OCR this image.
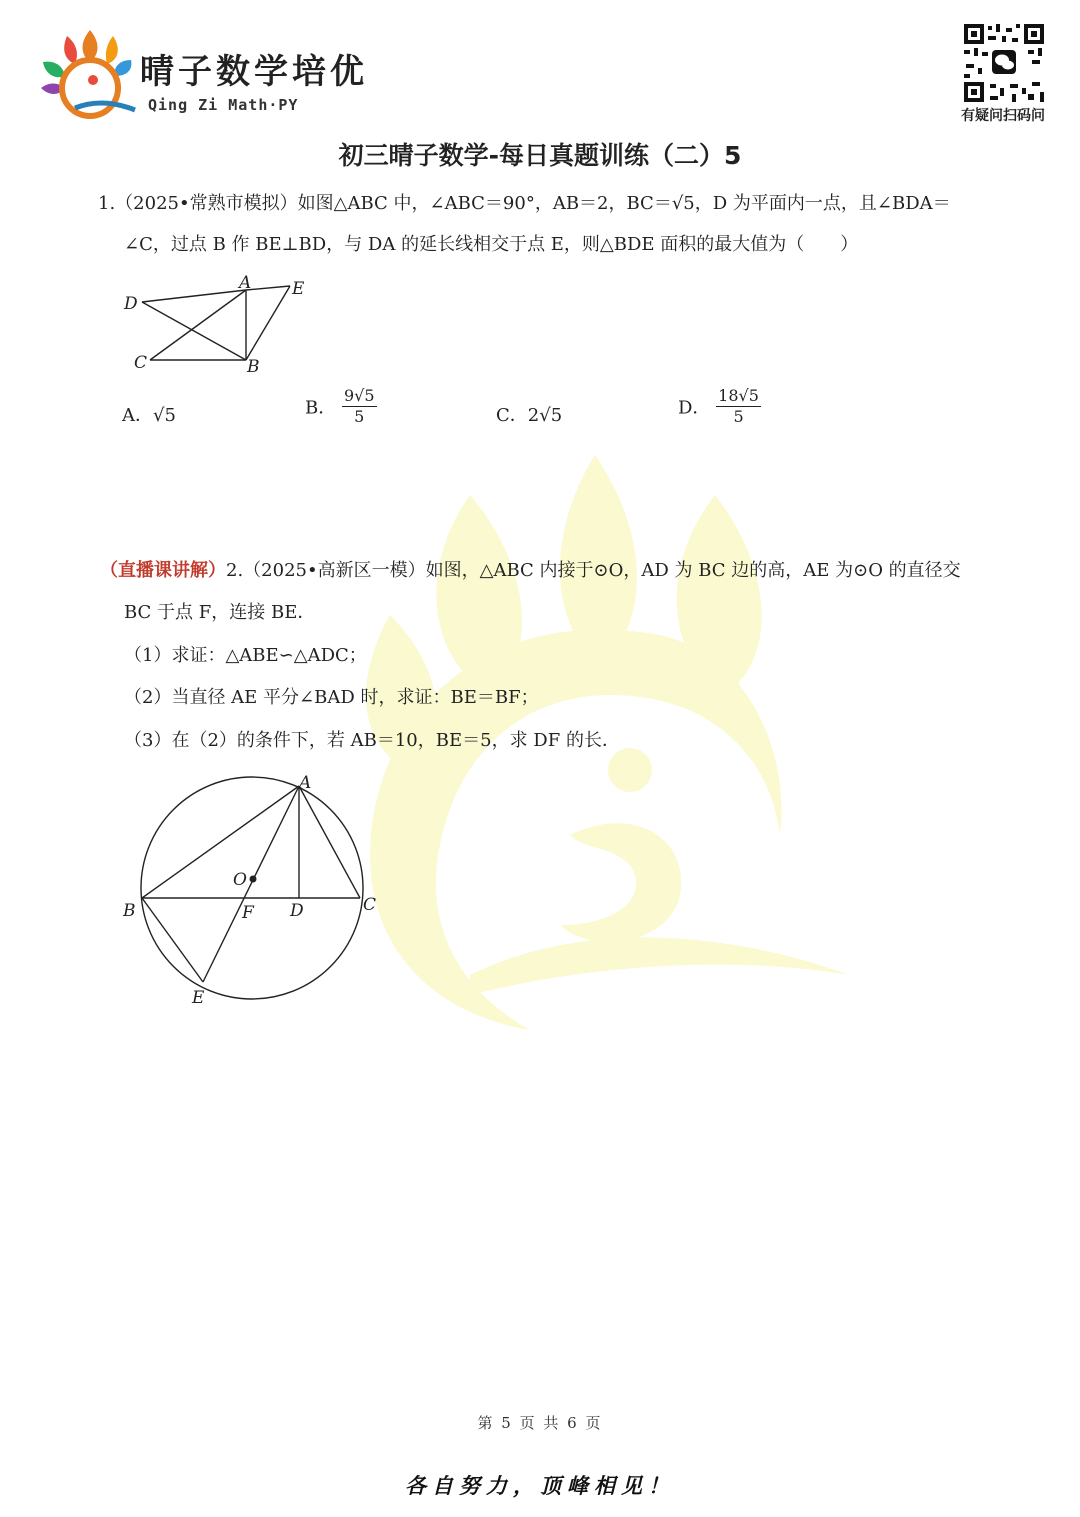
晴子数学培优
Qing Zi Math·PY
有疑问扫码问
初三晴子数学-每日真题训练（二）5
1.（2025•常熟市模拟）如图△ABC 中，∠ABC＝90°，AB＝2，BC＝√5，D 为平面内一点，且∠BDA＝
∠C，过点 B 作 BE⊥BD，与 DA 的延长线相交于点 E，则△BDE 面积的最大值为（　　）
A
B
C
D
E
A．√5	B． $\frac{9√5}{5}$	C．2√5	D． $\frac{18√5}{5}$
（直播课讲解）2.（2025•高新区一模）如图，△ABC 内接于⊙O，AD 为 BC 边的高，AE 为⊙O 的直径交
BC 于点 F，连接 BE．
（1）求证：△ABE∽△ADC；
（2）当直径 AE 平分∠BAD 时，求证：BE＝BF；
（3）在（2）的条件下，若 AB＝10，BE＝5，求 DF 的长．
A
O
B	F D	C
E
第 5 页 共 6 页
各自努力，顶峰相见！
